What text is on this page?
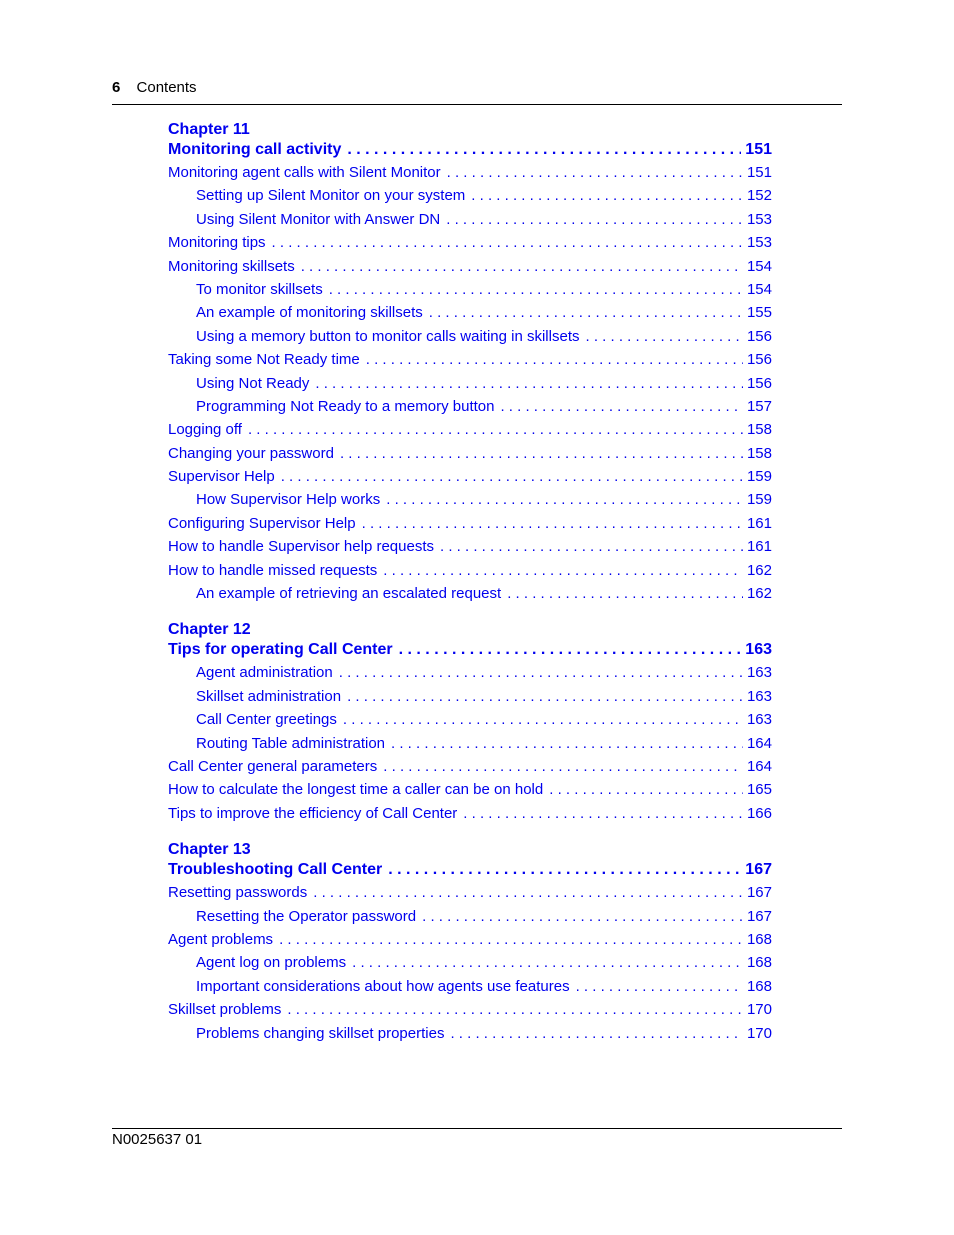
6 Contents
Chapter 11
Monitoring call activity . . .	151
Monitoring agent calls with Silent Monitor . . .	151
Setting up Silent Monitor on your system . . .	152
Using Silent Monitor with Answer DN . . .	153
Monitoring tips . . .	153
Monitoring skillsets . . .	154
To monitor skillsets . . .	154
An example of monitoring skillsets . . .	155
Using a memory button to monitor calls waiting in skillsets . . .	156
Taking some Not Ready time . . .	156
Using Not Ready . . .	156
Programming Not Ready to a memory button . . .	157
Logging off . . .	158
Changing your password . . .	158
Supervisor Help . . .	159
How Supervisor Help works . . .	159
Configuring Supervisor Help . . .	161
How to handle Supervisor help requests . . .	161
How to handle missed requests . . .	162
An example of retrieving an escalated request . . .	162
Chapter 12
Tips for operating Call Center . . .	163
Agent administration . . .	163
Skillset administration . . .	163
Call Center greetings . . .	163
Routing Table administration . . .	164
Call Center general parameters . . .	164
How to calculate the longest time a caller can be on hold . . .	165
Tips to improve the efficiency of Call Center . . .	166
Chapter 13
Troubleshooting Call Center . . .	167
Resetting passwords . . .	167
Resetting the Operator password . . .	167
Agent problems . . .	168
Agent log on problems . . .	168
Important considerations about how agents use features . . .	168
Skillset problems . . .	170
Problems changing skillset properties . . .	170
N0025637 01
